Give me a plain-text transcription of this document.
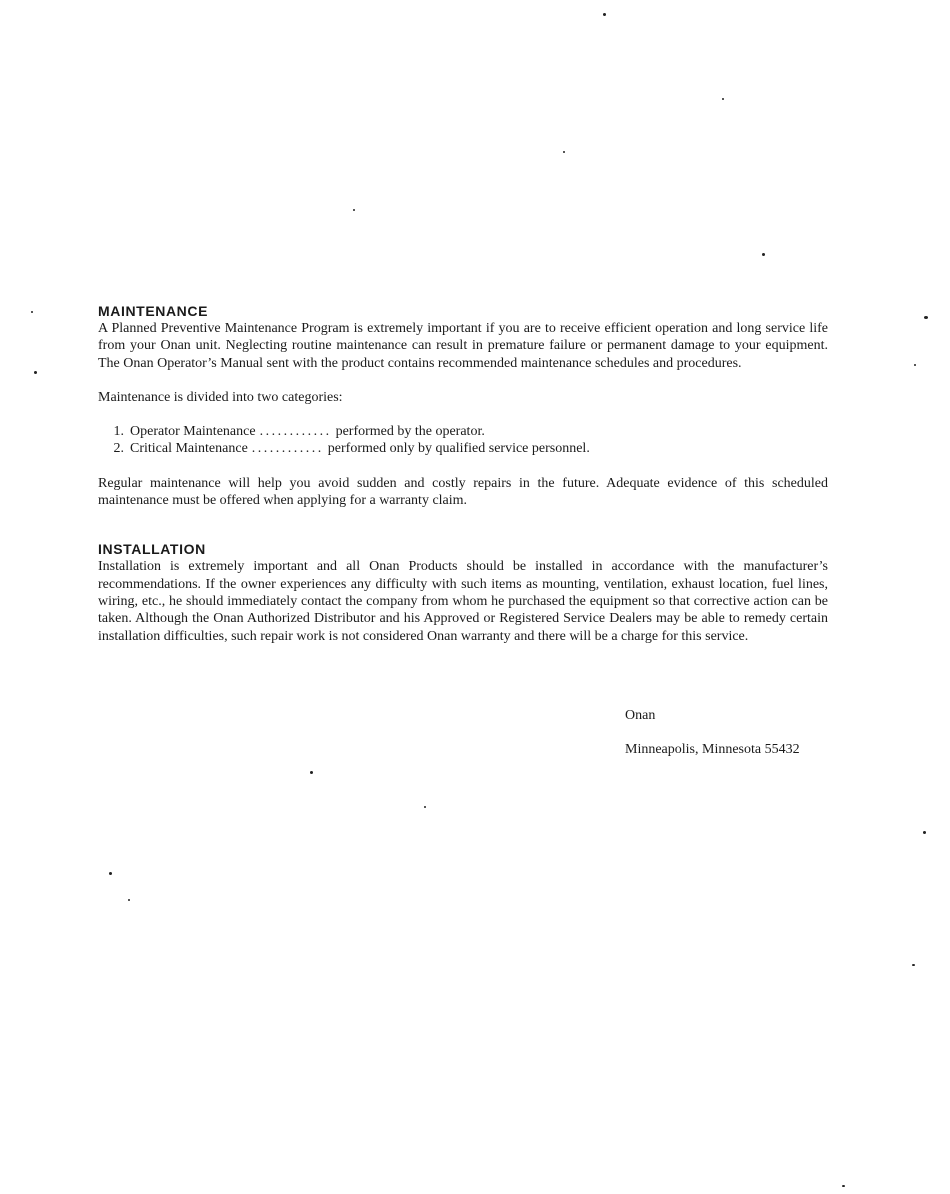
MAINTENANCE

A Planned Preventive Maintenance Program is extremely important if you are to receive efficient operation and long service life from your Onan unit. Neglecting routine maintenance can result in premature failure or permanent damage to your equipment. The Onan Operator’s Manual sent with the product contains recommended maintenance schedules and procedures.

Maintenance is divided into two categories:

1. Operator Maintenance ............ performed by the operator.
2. Critical Maintenance ............ performed only by qualified service personnel.

Regular maintenance will help you avoid sudden and costly repairs in the future. Adequate evidence of this scheduled maintenance must be offered when applying for a warranty claim.

INSTALLATION

Installation is extremely important and all Onan Products should be installed in accordance with the manufacturer’s recommendations. If the owner experiences any difficulty with such items as mounting, ventilation, exhaust location, fuel lines, wiring, etc., he should immediately contact the company from whom he purchased the equipment so that corrective action can be taken. Although the Onan Authorized Distributor and his Approved or Registered Service Dealers may be able to remedy certain installation difficulties, such repair work is not considered Onan warranty and there will be a charge for this service.

Onan
Minneapolis, Minnesota 55432
